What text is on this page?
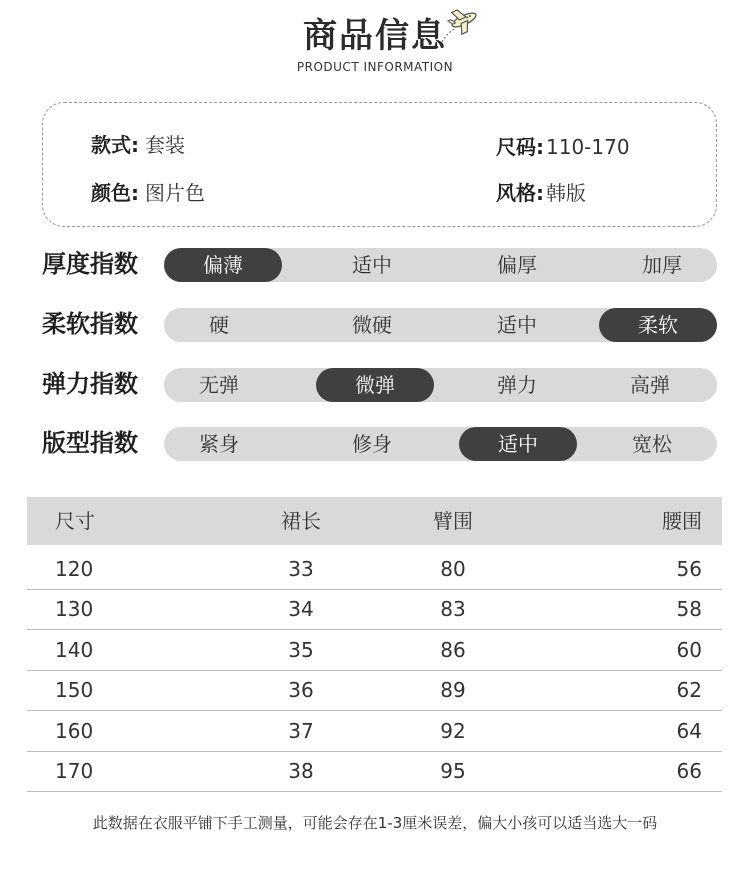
商品信息
PRODUCT INFORMATION
款式: 套装	尺码: 110-170
颜色: 图片色	风格: 韩版
厚度指数	偏薄	适中	偏厚	加厚
柔软指数	硬	微硬	适中	柔软
弹力指数	无弹	微弹	弹力	高弹
版型指数	紧身	修身	适中	宽松
尺寸	裙长	臂围	腰围
120	33	80	56
130	34	83	58
140	35	86	60
150	36	89	62
160	37	92	64
170	38	95	66
此数据在衣服平铺下手工测量，可能会存在1-3厘米误差，偏大小孩可以适当选大一码
